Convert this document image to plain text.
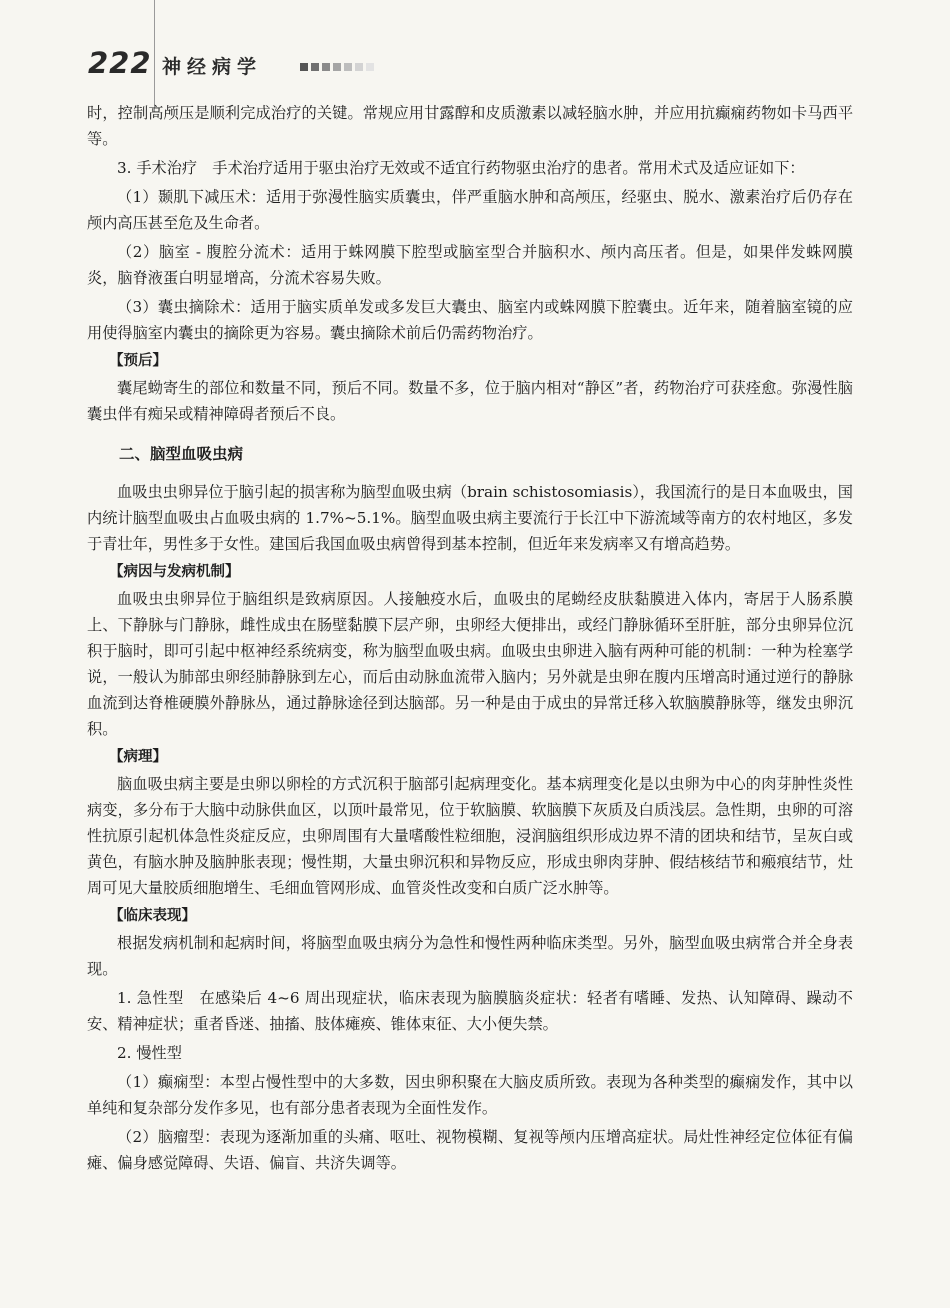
222 神经病学
时，控制高颅压是顺利完成治疗的关键。常规应用甘露醇和皮质激素以减轻脑水肿，并应用抗癫痫药物如卡马西平等。
3. 手术治疗　手术治疗适用于驱虫治疗无效或不适宜行药物驱虫治疗的患者。常用术式及适应证如下：
（1）颞肌下减压术：适用于弥漫性脑实质囊虫，伴严重脑水肿和高颅压，经驱虫、脱水、激素治疗后仍存在颅内高压甚至危及生命者。
（2）脑室 - 腹腔分流术：适用于蛛网膜下腔型或脑室型合并脑积水、颅内高压者。但是，如果伴发蛛网膜炎，脑脊液蛋白明显增高，分流术容易失败。
（3）囊虫摘除术：适用于脑实质单发或多发巨大囊虫、脑室内或蛛网膜下腔囊虫。近年来，随着脑室镜的应用使得脑室内囊虫的摘除更为容易。囊虫摘除术前后仍需药物治疗。
【预后】
囊尾蚴寄生的部位和数量不同，预后不同。数量不多，位于脑内相对“静区”者，药物治疗可获痊愈。弥漫性脑囊虫伴有痴呆或精神障碍者预后不良。
二、脑型血吸虫病
血吸虫虫卵异位于脑引起的损害称为脑型血吸虫病（brain schistosomiasis），我国流行的是日本血吸虫，国内统计脑型血吸虫占血吸虫病的 1.7%~5.1%。脑型血吸虫病主要流行于长江中下游流域等南方的农村地区，多发于青壮年，男性多于女性。建国后我国血吸虫病曾得到基本控制，但近年来发病率又有增高趋势。
【病因与发病机制】
血吸虫虫卵异位于脑组织是致病原因。人接触疫水后，血吸虫的尾蚴经皮肤黏膜进入体内，寄居于人肠系膜上、下静脉与门静脉，雌性成虫在肠壁黏膜下层产卵，虫卵经大便排出，或经门静脉循环至肝脏，部分虫卵异位沉积于脑时，即可引起中枢神经系统病变，称为脑型血吸虫病。血吸虫虫卵进入脑有两种可能的机制：一种为栓塞学说，一般认为肺部虫卵经肺静脉到左心，而后由动脉血流带入脑内；另外就是虫卵在腹内压增高时通过逆行的静脉血流到达脊椎硬膜外静脉丛，通过静脉途径到达脑部。另一种是由于成虫的异常迁移入软脑膜静脉等，继发虫卵沉积。
【病理】
脑血吸虫病主要是虫卵以卵栓的方式沉积于脑部引起病理变化。基本病理变化是以虫卵为中心的肉芽肿性炎性病变，多分布于大脑中动脉供血区，以顶叶最常见，位于软脑膜、软脑膜下灰质及白质浅层。急性期，虫卵的可溶性抗原引起机体急性炎症反应，虫卵周围有大量嗜酸性粒细胞，浸润脑组织形成边界不清的团块和结节，呈灰白或黄色，有脑水肿及脑肿胀表现；慢性期，大量虫卵沉积和异物反应，形成虫卵肉芽肿、假结核结节和瘢痕结节，灶周可见大量胶质细胞增生、毛细血管网形成、血管炎性改变和白质广泛水肿等。
【临床表现】
根据发病机制和起病时间，将脑型血吸虫病分为急性和慢性两种临床类型。另外，脑型血吸虫病常合并全身表现。
1. 急性型　在感染后 4~6 周出现症状，临床表现为脑膜脑炎症状：轻者有嗜睡、发热、认知障碍、躁动不安、精神症状；重者昏迷、抽搐、肢体瘫痪、锥体束征、大小便失禁。
2. 慢性型
（1）癫痫型：本型占慢性型中的大多数，因虫卵积聚在大脑皮质所致。表现为各种类型的癫痫发作，其中以单纯和复杂部分发作多见，也有部分患者表现为全面性发作。
（2）脑瘤型：表现为逐渐加重的头痛、呕吐、视物模糊、复视等颅内压增高症状。局灶性神经定位体征有偏瘫、偏身感觉障碍、失语、偏盲、共济失调等。
